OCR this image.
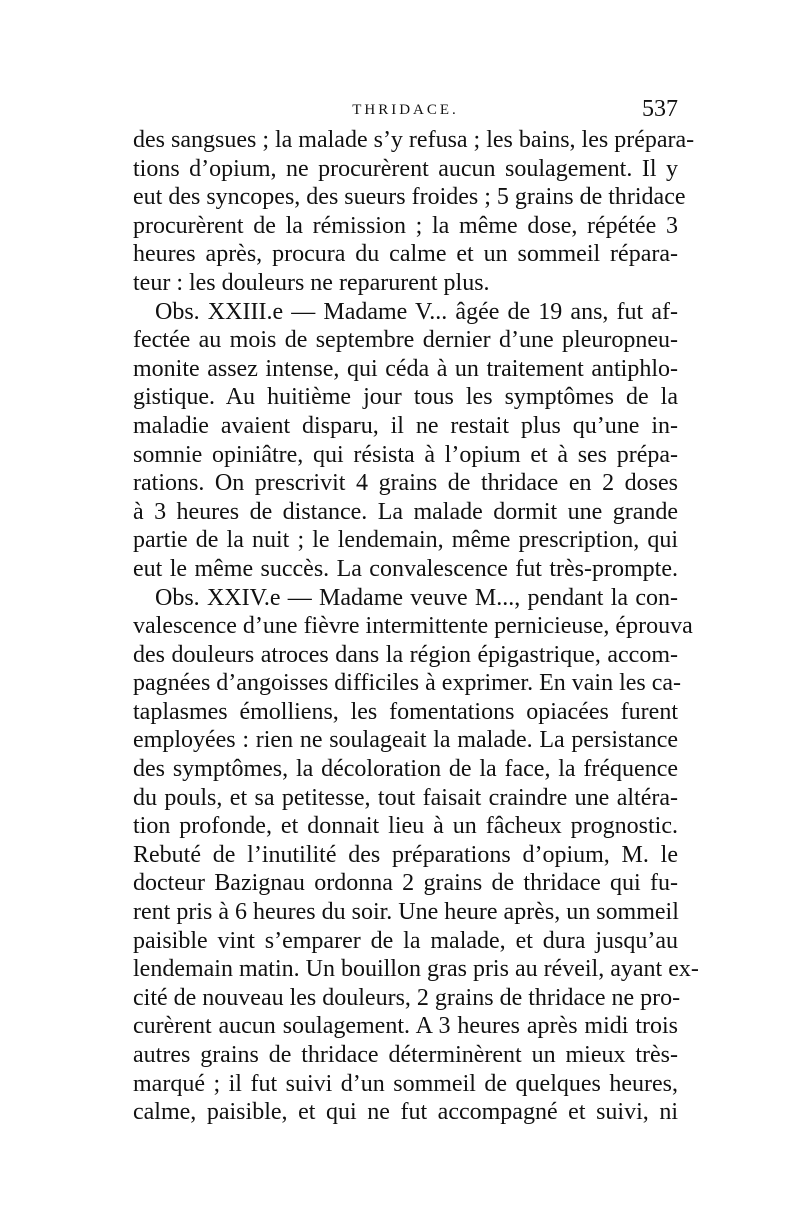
THRIDACE.	537
des sangsues ; la malade s’y refusa ; les bains, les prépara-
tions d’opium, ne procurèrent aucun soulagement. Il y
eut des syncopes, des sueurs froides ; 5 grains de thridace
procurèrent de la rémission ; la même dose, répétée 3
heures après, procura du calme et un sommeil répara-
teur : les douleurs ne reparurent plus.
Obs. XXIII.e — Madame V... âgée de 19 ans, fut af-
fectée au mois de septembre dernier d’une pleuropneu-
monite assez intense, qui céda à un traitement antiphlo-
gistique. Au huitième jour tous les symptômes de la
maladie avaient disparu, il ne restait plus qu’une in-
somnie opiniâtre, qui résista à l’opium et à ses prépa-
rations. On prescrivit 4 grains de thridace en 2 doses
à 3 heures de distance. La malade dormit une grande
partie de la nuit ; le lendemain, même prescription, qui
eut le même succès. La convalescence fut très-prompte.
Obs. XXIV.e — Madame veuve M..., pendant la con-
valescence d’une fièvre intermittente pernicieuse, éprouva
des douleurs atroces dans la région épigastrique, accom-
pagnées d’angoisses difficiles à exprimer. En vain les ca-
taplasmes émolliens, les fomentations opiacées furent
employées : rien ne soulageait la malade. La persistance
des symptômes, la décoloration de la face, la fréquence
du pouls, et sa petitesse, tout faisait craindre une altéra-
tion profonde, et donnait lieu à un fâcheux prognostic.
Rebuté de l’inutilité des préparations d’opium, M. le
docteur Bazignau ordonna 2 grains de thridace qui fu-
rent pris à 6 heures du soir. Une heure après, un sommeil
paisible vint s’emparer de la malade, et dura jusqu’au
lendemain matin. Un bouillon gras pris au réveil, ayant ex-
cité de nouveau les douleurs, 2 grains de thridace ne pro-
curèrent aucun soulagement. A 3 heures après midi trois
autres grains de thridace déterminèrent un mieux très-
marqué ; il fut suivi d’un sommeil de quelques heures,
calme, paisible, et qui ne fut accompagné et suivi, ni
